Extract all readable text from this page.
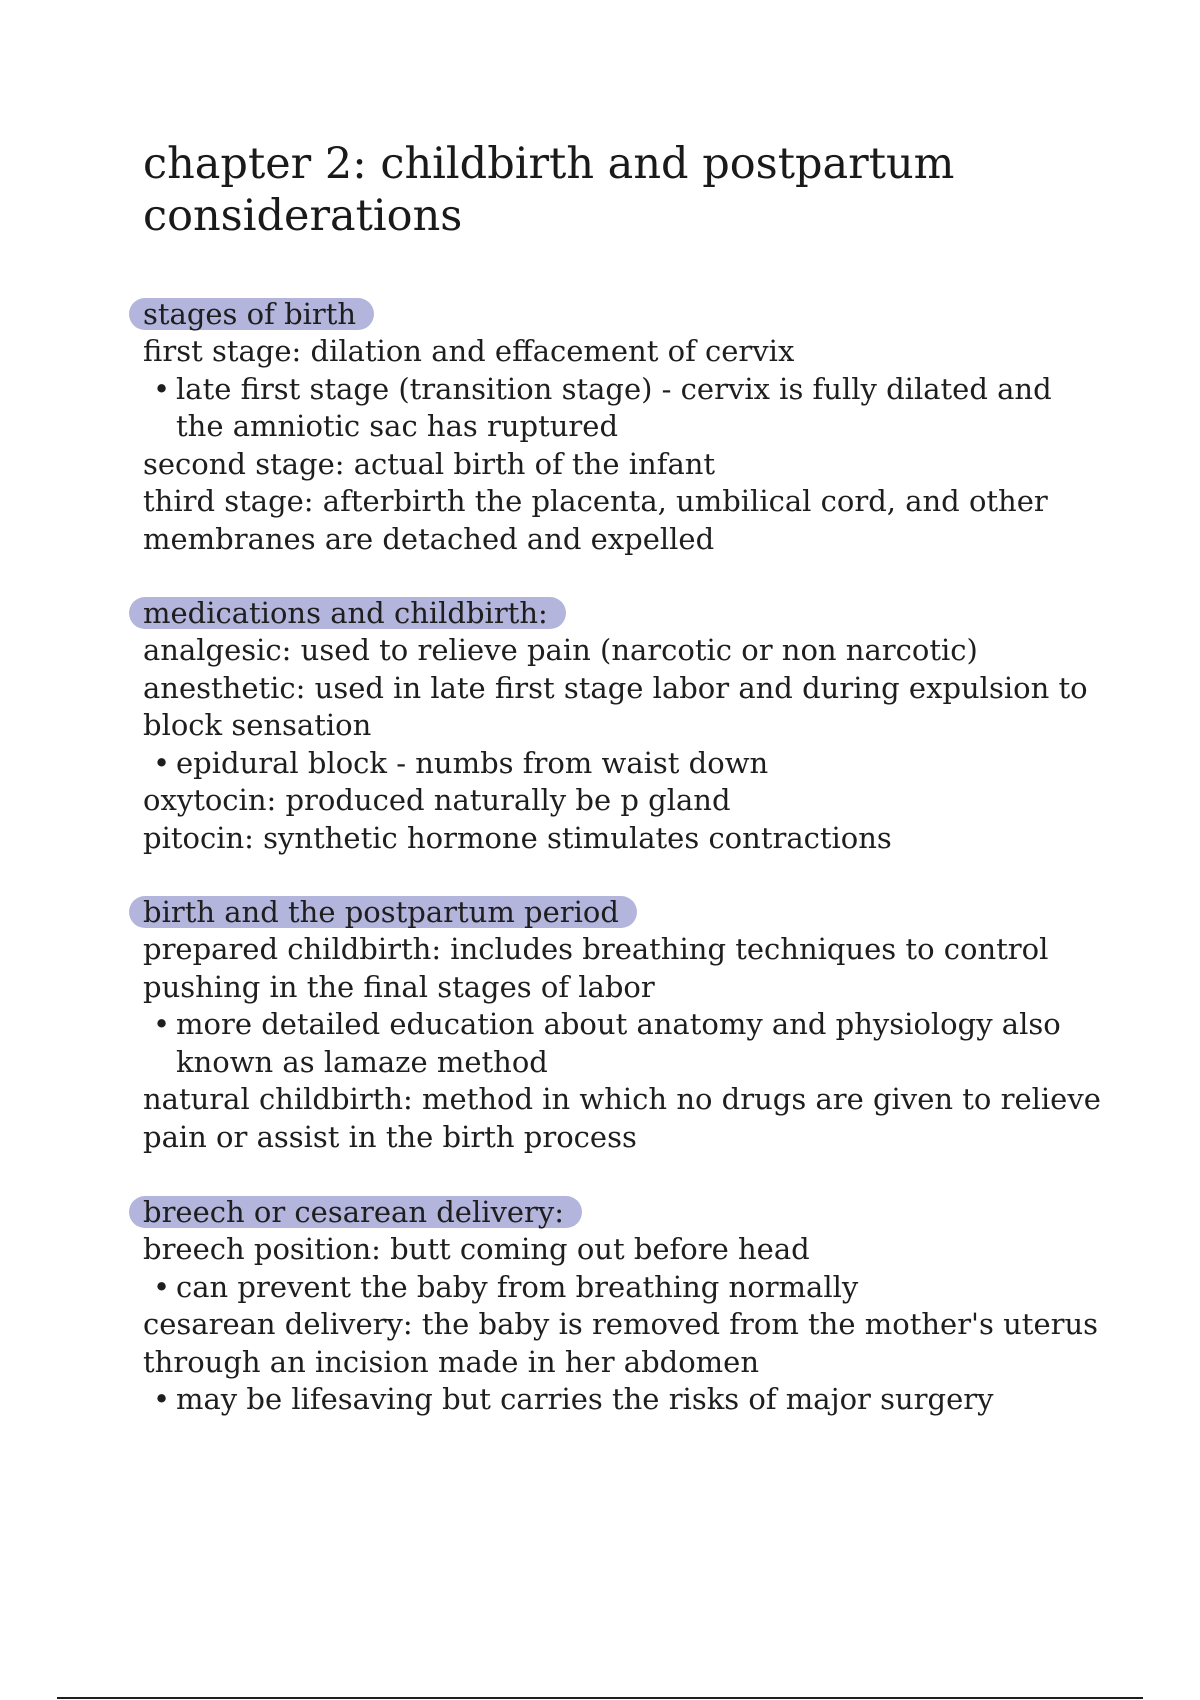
chapter 2: childbirth and postpartum
considerations
stages of birth

first stage: dilation and effacement of cervix

• late first stage (transition stage) - cervix is fully dilated and
the amniotic sac has ruptured

second stage: actual birth of the infant

third stage: afterbirth the placenta, umbilical cord, and other

membranes are detached and expelled

medications and childbirth:

analgesic: used to relieve pain (narcotic or non narcotic)

anesthetic: used in late first stage labor and during expulsion to

block sensation

• epidural block - numbs from waist down

oxytocin: produced naturally be p gland

pitocin: synthetic hormone stimulates contractions

birth and the postpartum period

prepared childbirth: includes breathing techniques to control

pushing in the final stages of labor

• more detailed education about anatomy and physiology also
known as lamaze method

natural childbirth: method in which no drugs are given to relieve

pain or assist in the birth process

breech or cesarean delivery:

breech position: butt coming out before head

• can prevent the baby from breathing normally

cesarean delivery: the baby is removed from the mother's uterus

through an incision made in her abdomen

• may be lifesaving but carries the risks of major surgery
